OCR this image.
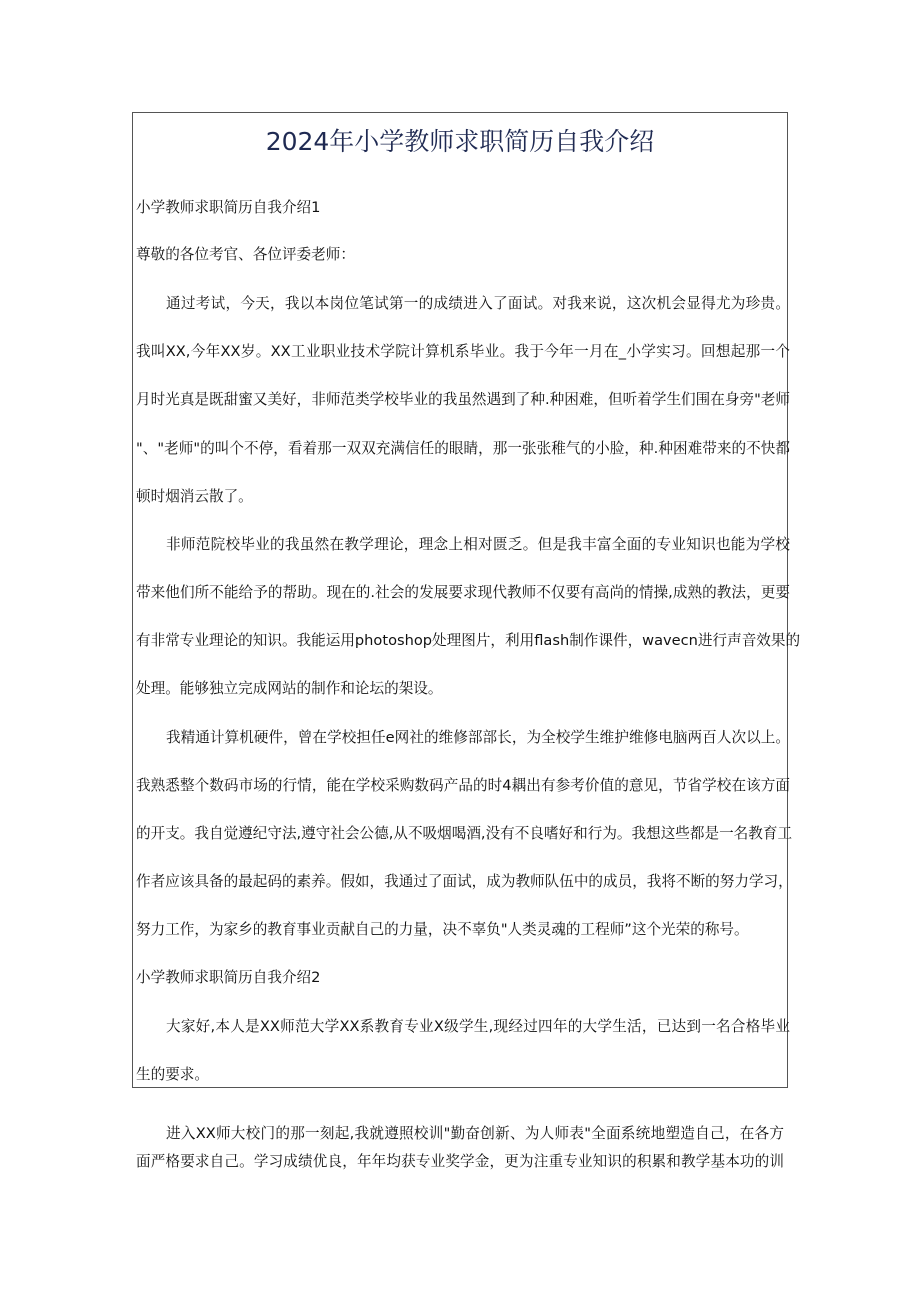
2024年小学教师求职简历自我介绍

小学教师求职简历自我介绍1

尊敬的各位考官、各位评委老师：

通过考试，今天，我以本岗位笔试第一的成绩进入了面试。对我来说，这次机会显得尤为珍贵。

我叫XX,今年XX岁。XX工业职业技术学院计算机系毕业。我于今年一月在_小学实习。回想起那一个

月时光真是既甜蜜又美好，非师范类学校毕业的我虽然遇到了种.种困难，但听着学生们围在身旁"老师

"、"老师"的叫个不停，看着那一双双充满信任的眼睛，那一张张稚气的小脸，种.种困难带来的不快都

顿时烟消云散了。

非师范院校毕业的我虽然在教学理论，理念上相对匮乏。但是我丰富全面的专业知识也能为学校

带来他们所不能给予的帮助。现在的.社会的发展要求现代教师不仅要有高尚的情操,成熟的教法，更要

有非常专业理论的知识。我能运用photoshop处理图片，利用flash制作课件，wavecn进行声音效果的

处理。能够独立完成网站的制作和论坛的架设。

我精通计算机硬件，曾在学校担任e网社的维修部部长，为全校学生维护维修电脑两百人次以上。

我熟悉整个数码市场的行情，能在学校采购数码产品的时4耦出有参考价值的意见，节省学校在该方面

的开支。我自觉遵纪守法,遵守社会公德,从不吸烟喝酒,没有不良嗜好和行为。我想这些都是一名教育工

作者应该具备的最起码的素养。假如，我通过了面试，成为教师队伍中的成员，我将不断的努力学习，

努力工作，为家乡的教育事业贡献自己的力量，决不辜负"人类灵魂的工程师”这个光荣的称号。

小学教师求职简历自我介绍2

大家好,本人是XX师范大学XX系教育专业X级学生,现经过四年的大学生活，已达到一名合格毕业

生的要求。

进入XX师大校门的那一刻起,我就遵照校训"勤奋创新、为人师表"全面系统地塑造自己，在各方

面严格要求自己。学习成绩优良，年年均获专业奖学金，更为注重专业知识的积累和教学基本功的训
